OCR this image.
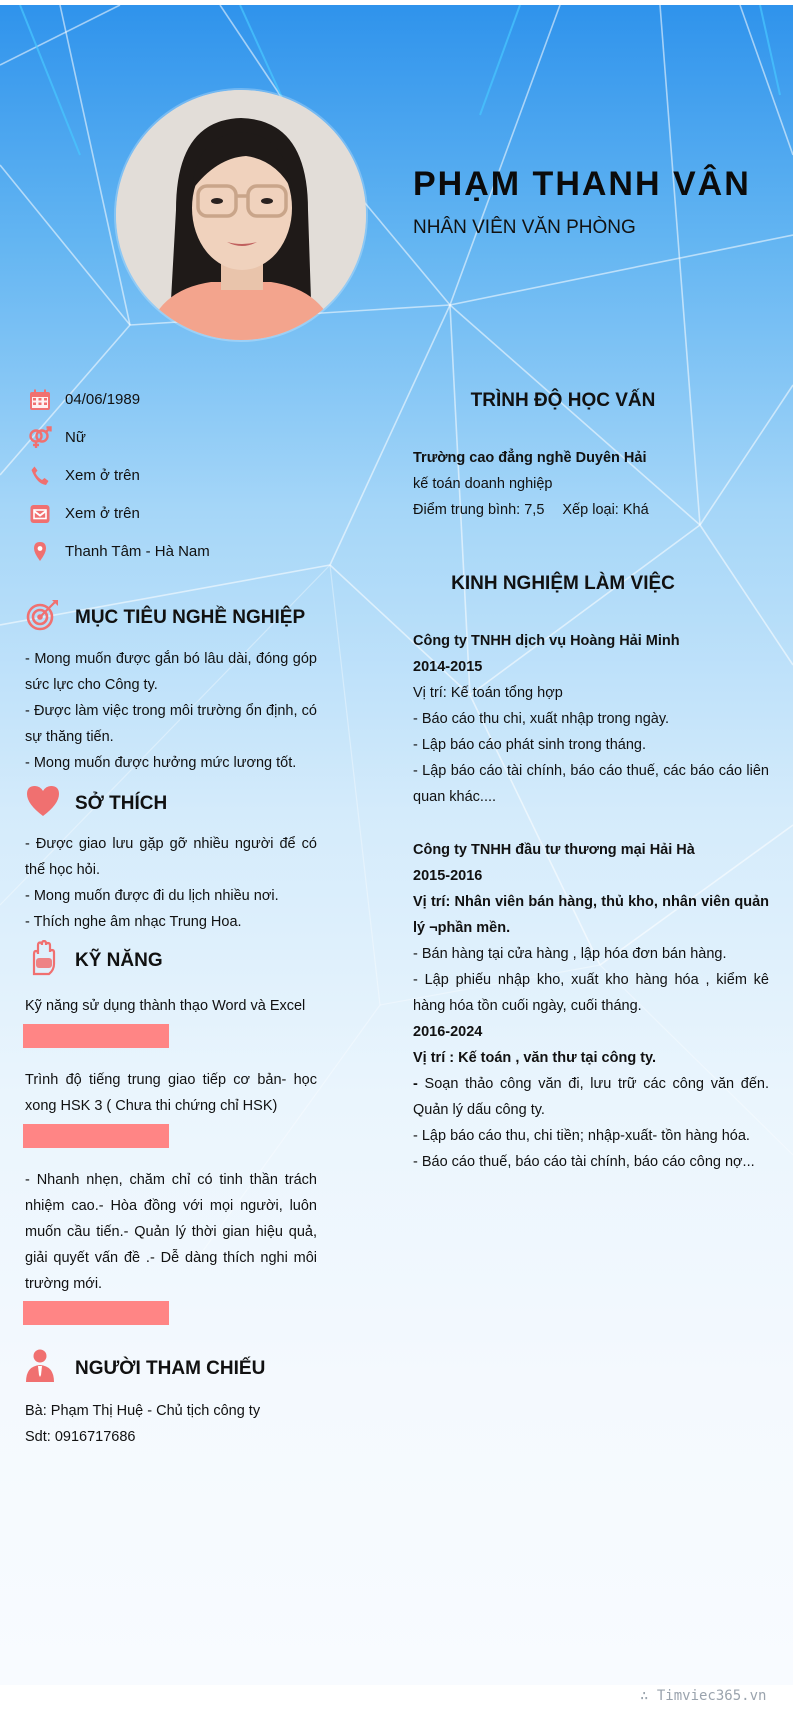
PHẠM THANH VÂN
NHÂN VIÊN VĂN PHÒNG
04/06/1989
Nữ
Xem ở trên
Xem ở trên
Thanh Tâm - Hà Nam
MỤC TIÊU NGHỀ NGHIỆP

- Mong muốn được gắn bó lâu dài, đóng góp sức lực cho Công ty.

- Được làm việc trong môi trường ổn định, có sự thăng tiến.

- Mong muốn được hưởng mức lương tốt.

SỞ THÍCH

- Được giao lưu gặp gỡ nhiều người để có thể học hỏi.

- Mong muốn được đi du lịch nhiều nơi.

- Thích nghe âm nhạc Trung Hoa.

KỸ NĂNG

Kỹ năng sử dụng thành thạo Word và Excel

Trình độ tiếng trung giao tiếp cơ bản- học xong HSK 3 ( Chưa thi chứng chỉ HSK)

- Nhanh nhẹn, chăm chỉ có tinh thần trách nhiệm cao.- Hòa đồng với mọi người, luôn muốn cầu tiến.- Quản lý thời gian hiệu quả, giải quyết vấn đề .- Dễ dàng thích nghi môi trường mới.

NGƯỜI THAM CHIẾU

Bà: Phạm Thị Huệ - Chủ tịch công ty

Sdt: 0916717686

TRÌNH ĐỘ HỌC VẤN

Trường cao đẳng nghề Duyên Hải

kế toán doanh nghiệp

Điểm trung bình: 7,5 Xếp loại: Khá

KINH NGHIỆM LÀM VIỆC

Công ty TNHH dịch vụ Hoàng Hải Minh

2014-2015

Vị trí: Kế toán tổng hợp

- Báo cáo thu chi, xuất nhập trong ngày.

- Lập báo cáo phát sinh trong tháng.

- Lập báo cáo tài chính, báo cáo thuế, các báo cáo liên quan khác....

Công ty TNHH đầu tư thương mại Hải Hà

2015-2016

Vị trí: Nhân viên bán hàng, thủ kho, nhân viên quản lý ¬phần mền.

- Bán hàng tại cửa hàng , lập hóa đơn bán hàng.

- Lập phiếu nhập kho, xuất kho hàng hóa , kiểm kê hàng hóa tồn cuối ngày, cuối tháng.

2016-2024

Vị trí : Kế toán , văn thư tại công ty.

- Soạn thảo công văn đi, lưu trữ các công văn đến. Quản lý dấu công ty.

- Lập báo cáo thu, chi tiền; nhập-xuất- tồn hàng hóa.

- Báo cáo thuế, báo cáo tài chính, báo cáo công nợ...

∴ Timviec365.vn
